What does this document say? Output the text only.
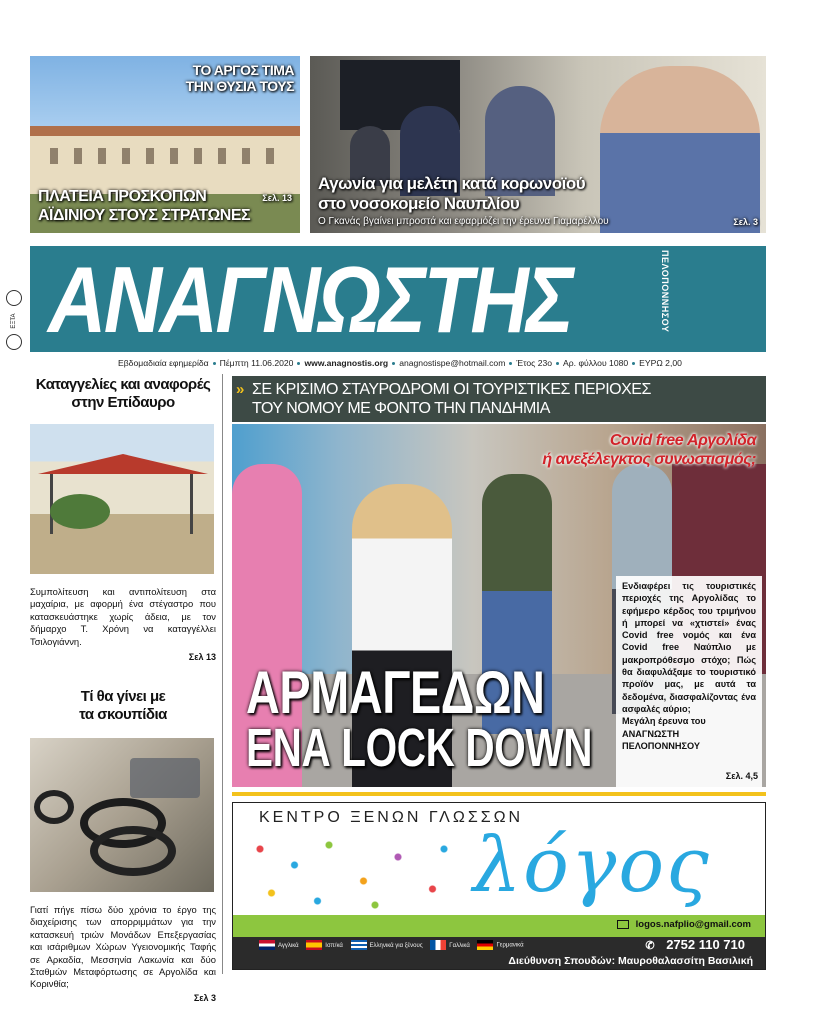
ΤΟ ΑΡΓΟΣ ΤΙΜΑ ΤΗΝ ΘΥΣΙΑ ΤΟΥΣ
ΠΛΑΤΕΙΑ ΠΡΟΣΚΟΠΩΝ
ΑΪΔΙΝΙΟΥ ΣΤΟΥΣ ΣΤΡΑΤΩΝΕΣ
Σελ. 13
Αγωνία για μελέτη κατά κορωνοϊού
στο νοσοκομείο Ναυπλίου
Ο Γκανάς βγαίνει μπροστά και εφαρμόζει την έρευνα Γιαμαρέλλου	Σελ. 3
ΑΝΑΓΝΩΣΤΗΣ	ΠΕΛΟΠΟΝΝΗΣΟΥ
ΕΞΤΑ
Εβδομαδιαία εφημερίδα Πέμπτη 11.06.2020 www.anagnostis.org anagnostispe@hotmail.com Έτος 23ο Αρ. φύλλου 1080 ΕΥΡΩ 2,00
Καταγγελίες και αναφορές
στην Επίδαυρο
Συμπολίτευση και αντιπολίτευση στα μαχαίρια, με αφορμή ένα στέγαστρο που κατασκευάστηκε χωρίς άδεια, με τον δήμαρχο Τ. Χρόνη να καταγγέλλει Τσιλογιάννη.
Σελ 13
Τί θα γίνει με
τα σκουπίδια
Γιατί πήγε πίσω δύο χρόνια το έργο της διαχείρισης των απορριμμάτων για την κατασκευή τριών Μονάδων Επεξεργασίας και ισάριθμων Χώρων Υγειονομικής Ταφής σε Αρκαδία, Μεσσηνία Λακωνία και δύο Σταθμών Μεταφόρτωσης σε Αργολίδα και Κορινθία;
Σελ 3
» ΣΕ ΚΡΙΣΙΜΟ ΣΤΑΥΡΟΔΡΟΜΙ ΟΙ ΤΟΥΡΙΣΤΙΚΕΣ ΠΕΡΙΟΧΕΣ
ΤΟΥ ΝΟΜΟΥ ΜΕ ΦΟΝΤΟ ΤΗΝ ΠΑΝΔΗΜΙΑ
Covid free Αργολίδα
ή ανεξέλεγκτος συνωστισμός;
Ενδιαφέρει τις τουριστικές περιοχές της Αργολίδας το εφήμερο κέρδος του τριμήνου ή μπορεί να «χτιστεί» ένας Covid free νομός και ένα Covid free Ναύπλιο με μακροπρόθεσμο στόχο; Πώς θα διαφυλάξαμε το τουριστικό προϊόν μας, με αυτά τα δεδομένα, διασφαλίζοντας ένα ασφαλές αύριο;
Μεγάλη έρευνα του ΑΝΑΓΝΩΣΤΗ ΠΕΛΟΠΟΝΝΗΣΟΥ
Σελ. 4,5
ΑΡΜΑΓΕΔΩΝ
ΕΝΑ LOCK DOWN
ΚΕΝΤΡΟ ΞΕΝΩΝ ΓΛΩΣΣΩΝ
λόγος
logos.nafplio@gmail.com
Αγγλικά	Ισπ/κά	Ελληνικά για ξένους	Γαλλικά	Γερμανικά	✆ 2752 110 710
Διεύθυνση Σπουδών: Μαυροθαλασσίτη Βασιλική
